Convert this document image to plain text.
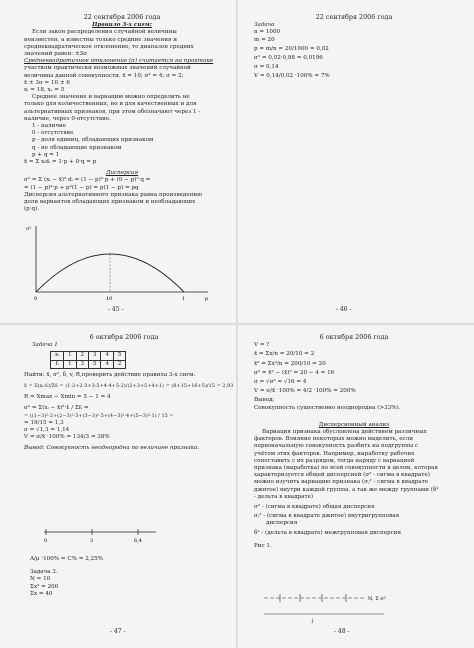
22 сентября 2006 года
Правило 3-х сигм:
Если закон распределения случайной величины
неизвестен, а известны только средние значения и
среднеквадратическое отклонение, то диапазон средних
значений равен: ±3σ
Среднеквадратичное отклонение (σ) считается на практике
участком практически возможных значений случайной
величины данной совокупности. x̄ = 10; σ² = 4; σ = 2;
x̄ ± 3σ = 10 ± 6
xₗ = 18, xₛ = 5
Среднее значение и вариацию можно определить не
только для количественных, но и для качественных и для
альтернативных признаков, при этом обозначают через 1 -
наличие, через 0-отсутствие.
1 - наличие
0 - отсутствие
p - доля единиц, обладающих признаком
q - не обладающие признаком
p + q = 1
x̄ = Σ xᵢdᵢ = 1·p + 0·q = p
Дисперсия
σ² = Σ (xᵢ − x̄)² dᵢ = (1 − p)²·p + (0 − p)²·q =
= (1 − p)²·p + p²(1 − p) = p(1 − p) = pq
Дисперсия альтернативного признака равна произведению
доли вариантов обладающих признаком и необладающих
(p·q).
σ²
p
0	10	1
- 45 -
22 сентября 2006 года
Задача
n = 1000
m = 20
p = m/n = 20/1000 = 0,02
σ² = 0,02·0,98 = 0,0196
σ = 0,14
V = 0,14/0,02 ·100% = 7%
- 46 -
6 октября 2006 года
Задача 1
xᵢ	1	2	3	4	5
fᵢ	1	3	5	4	2
Найти: x̄, σ², δ, v, R,проверить действие правила 3-х сигм.
x̄ = Σ(xᵢ·fᵢ)/Σfᵢ = (1·2+2·3+3·5+4·4+5·2)/(2+3+5+4+1) = (8+15+16+5)/15 = 2,93
R = Xmax − Xmin = 5 − 1 = 4
σ² = Σ(xᵢ − x̄)²·fᵢ / Σfᵢ =
= ((1−3)²·2+(2−3)²·3+(3−3)²·5+(4−3)²·4+(5−3)²·1) / 15 =
= 19/15 = 1,3
σ = √1,3 = 1,14
V = σ/x̄ ·100% = 134/3 = 38%
Вывод: Совокупность неоднородна по величине признака.
0	3	6,4
A/μ ·100% = C% = 2,25%
Задача 2.
N = 10
Σx² = 200
Σx = 40
- 47 -
6 октября 2006 года
V = ?
x̄ = Σx/n = 20/10 = 2
x̄² = Σx²/n = 200/10 = 20
σ² = x̄² − (x̄)² = 20 − 4 = 16
σ = √σ² = √16 = 4
V = σ/x̄ ·100% = 4/2 ·100% = 200%
Вывод:
Совокупность существенно неоднородна (>33%).
Дисперсионный анализ
Вариация признака обусловлена действием различных
факторов. Влияние некоторых можно выделить, если
первоначальную совокупность разбить на подгруппы с
учётом этих факторов. Например, выработку рабочих
сопоставить с их разрядом, тогда наряду с вариацией
признака (выработка) по всей совокупности в целом, которая
характеризуется общей дисперсией (σ² - сигма в квадрате)
можно изучить вариацию признака (σⱼ² - сигма в квадрате
джитое) внутри каждой группы, а так же между группами (δ²
- дельта в квадрате)
σ² - (сигма в квадрате) общая дисперсия
σⱼ² - (сигма в квадрате джитое) внутригрупповая
дисперсия
δ² - (дельта в квадрате) межгрупповая дисперсия
Рис 1.
N, Σ σ²
j
- 48 -
